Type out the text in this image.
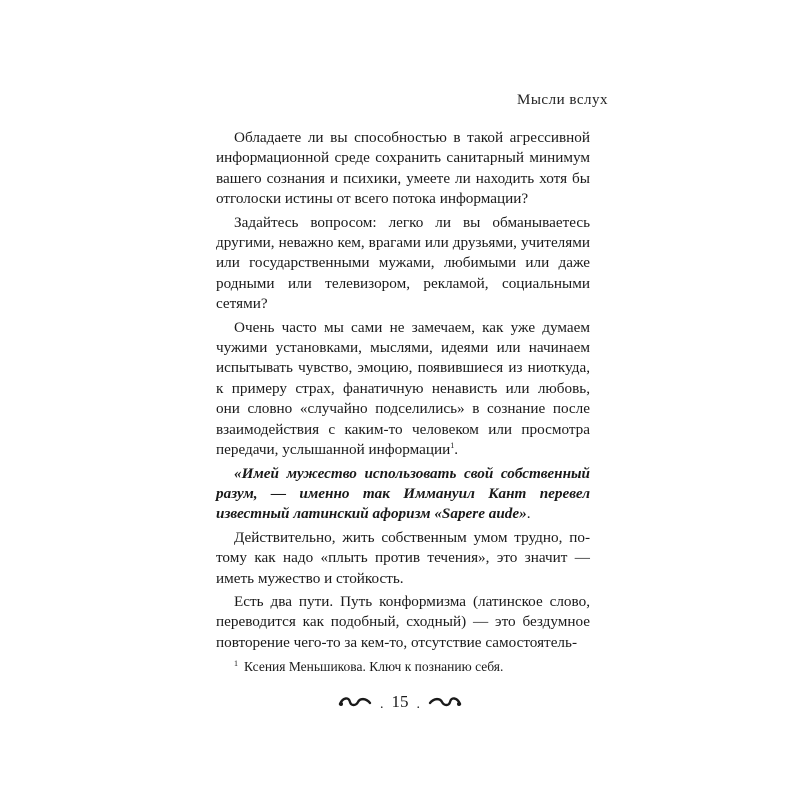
Мысли вслух

Обладаете ли вы способностью в такой агрессивной информационной среде сохранить санитарный минимум вашего сознания и психики, умеете ли находить хотя бы отголоски истины от всего потока информации?

Задайтесь вопросом: легко ли вы обманываетесь другими, неважно кем, врагами или друзьями, учителями или государственными мужами, любимыми или даже родными или телевизором, рекламой, социальными сетями?

Очень часто мы сами не замечаем, как уже думаем чужими установками, мыслями, идеями или начинаем испытывать чувство, эмоцию, появившиеся из ниоткуда, к примеру страх, фанатичную ненависть или любовь, они словно «случайно подселились» в сознание после взаимодействия с каким-то человеком или просмотра передачи, услышанной информации$^1$.

«Имей мужество использовать свой собственный разум, — именно так Иммануил Кант перевел известный латинский афоризм «Sapere aude».

Действительно, жить собственным умом трудно, потому как надо «плыть против течения», это значит — иметь мужество и стойкость.

Есть два пути. Путь конформизма (латинское слово, переводится как подобный, сходный) — это бездумное повторение чего-то за кем-то, отсутствие самостоятель-

$^1$ Ксения Меньшикова. Ключ к познанию себя.
. 15 .
